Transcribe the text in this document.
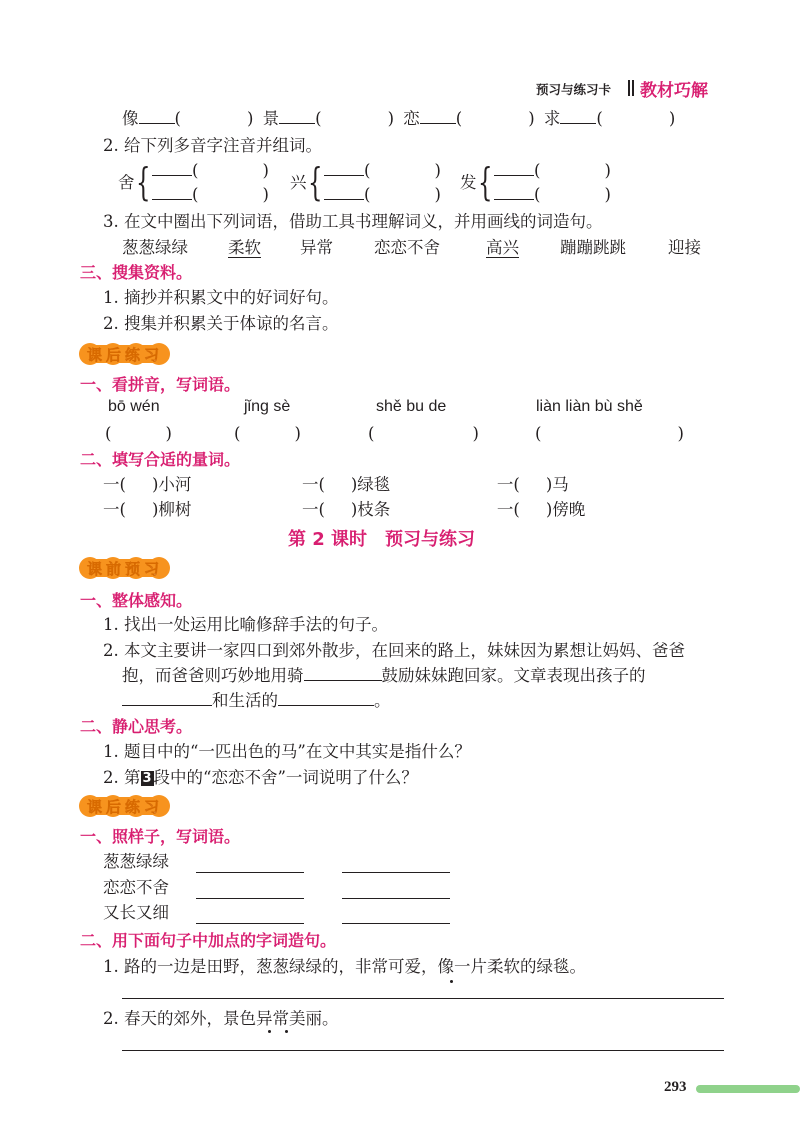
预习与练习卡 教材巧解
像 (	) 景 (	) 恋 (	) 求 (	)
2. 给下列多音字注音并组词。
舍 {	(	)
(	)
兴 {	(	)
(	)
发 {	(	)
(	)
3. 在文中圈出下列词语，借助工具书理解词义，并用画线的词造句。
葱葱绿绿 柔软 异常 恋恋不舍	高兴 蹦蹦跳跳	迎接
三、搜集资料。
1. 摘抄并积累文中的好词好句。
2. 搜集并积累关于体谅的名言。
课后练习
一、看拼音，写词语。
bō wén	jǐng sè	shě bu de	liàn liàn bù shě
(	)	(	)	(	)	(	)
二、填写合适的量词。
一( )小河	一( )绿毯	一( )马
一( )柳树	一( )枝条	一( )傍晚
第 2 课时　预习与练习
课前预习
一、整体感知。
1. 找出一处运用比喻修辞手法的句子。
2. 本文主要讲一家四口到郊外散步，在回来的路上，妹妹因为累想让妈妈、爸爸
抱，而爸爸则巧妙地用骑	鼓励妹妹跑回家。文章表现出孩子的
和生活的	。
二、静心思考。
1. 题目中的“一匹出色的马”在文中其实是指什么？
2. 第 3 段中的“恋恋不舍”一词说明了什么？
课后练习
一、照样子，写词语。
葱葱绿绿
恋恋不舍
又长又细
二、用下面句子中加点的字词造句。
1. 路的一边是田野，葱葱绿绿的，非常可爱，像一片柔软的绿毯。
2. 春天的郊外，景色异常美丽。
293
